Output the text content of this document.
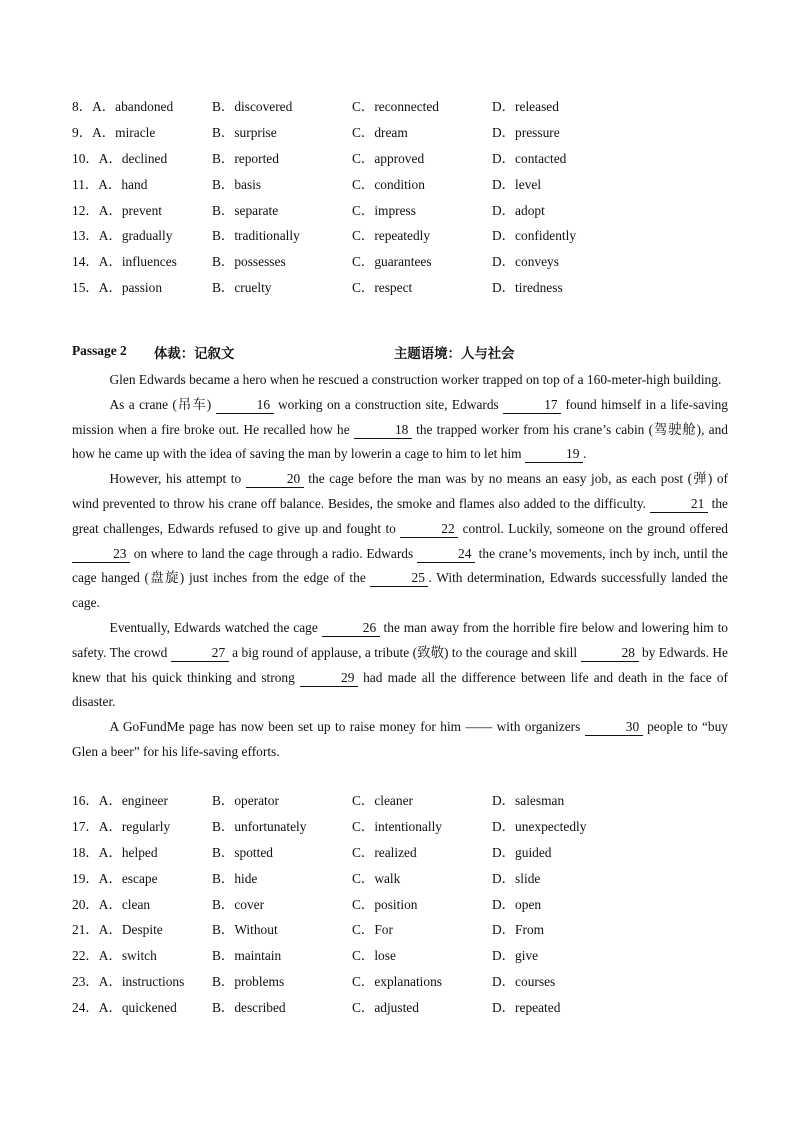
8．A．abandoned	B．discovered	C．reconnected	D．released
9．A．miracle	B．surprise	C．dream	D．pressure
10．A．declined	B．reported	C．approved	D．contacted
11．A．hand	B．basis	C．condition	D．level
12．A．prevent	B．separate	C．impress	D．adopt
13．A．gradually	B．traditionally	C．repeatedly	D．confidently
14．A．influences	B．possesses	C．guarantees	D．conveys
15．A．passion	B．cruelty	C．respect	D．tiredness
Passage 2 体裁：记叙文	主题语境：人与社会

Glen Edwards became a hero when he rescued a construction worker trapped on top of a 160-meter-high building.

As a crane (吊车)	16 working on a construction site, Edwards	17 found himself in a life-saving mission when a fire broke out. He recalled how he	18 the trapped worker from his crane’s cabin (驾驶舱), and how he came up with the idea of saving the man by lowerin a cage to him to let him	19 .

However, his attempt to	20 the cage before the man was by no means an easy job, as each post (弹) of wind prevented to throw his crane off balance. Besides, the smoke and flames also added to the difficulty.	21 the great challenges, Edwards refused to give up and fought to	22 control. Luckily, someone on the ground offered 23 on where to land the cage through a radio. Edwards	24 the crane’s movements, inch by inch, until the cage hanged (盘旋) just inches from the edge of the	25 . With determination, Edwards successfully landed the cage.

Eventually, Edwards watched the cage	26 the man away from the horrible fire below and lowering him to safety. The crowd	27 a big round of applause, a tribute (致敬) to the courage and skill	28 by Edwards. He knew that his quick thinking and strong	29 had made all the difference between life and death in the face of disaster.

A GoFundMe page has now been set up to raise money for him —— with organizers	30 people to “buy Glen a beer” for his life-saving efforts.

16．A．engineer	B．operator	C．cleaner	D．salesman
17．A．regularly	B．unfortunately	C．intentionally	D．unexpectedly
18．A．helped	B．spotted	C．realized	D．guided
19．A．escape	B．hide	C．walk	D．slide
20．A．clean	B．cover	C．position	D．open
21．A．Despite	B．Without	C．For	D．From
22．A．switch	B．maintain	C．lose	D．give
23．A．instructions B．problems	C．explanations	D．courses
24．A．quickened	B．described	C．adjusted	D．repeated
